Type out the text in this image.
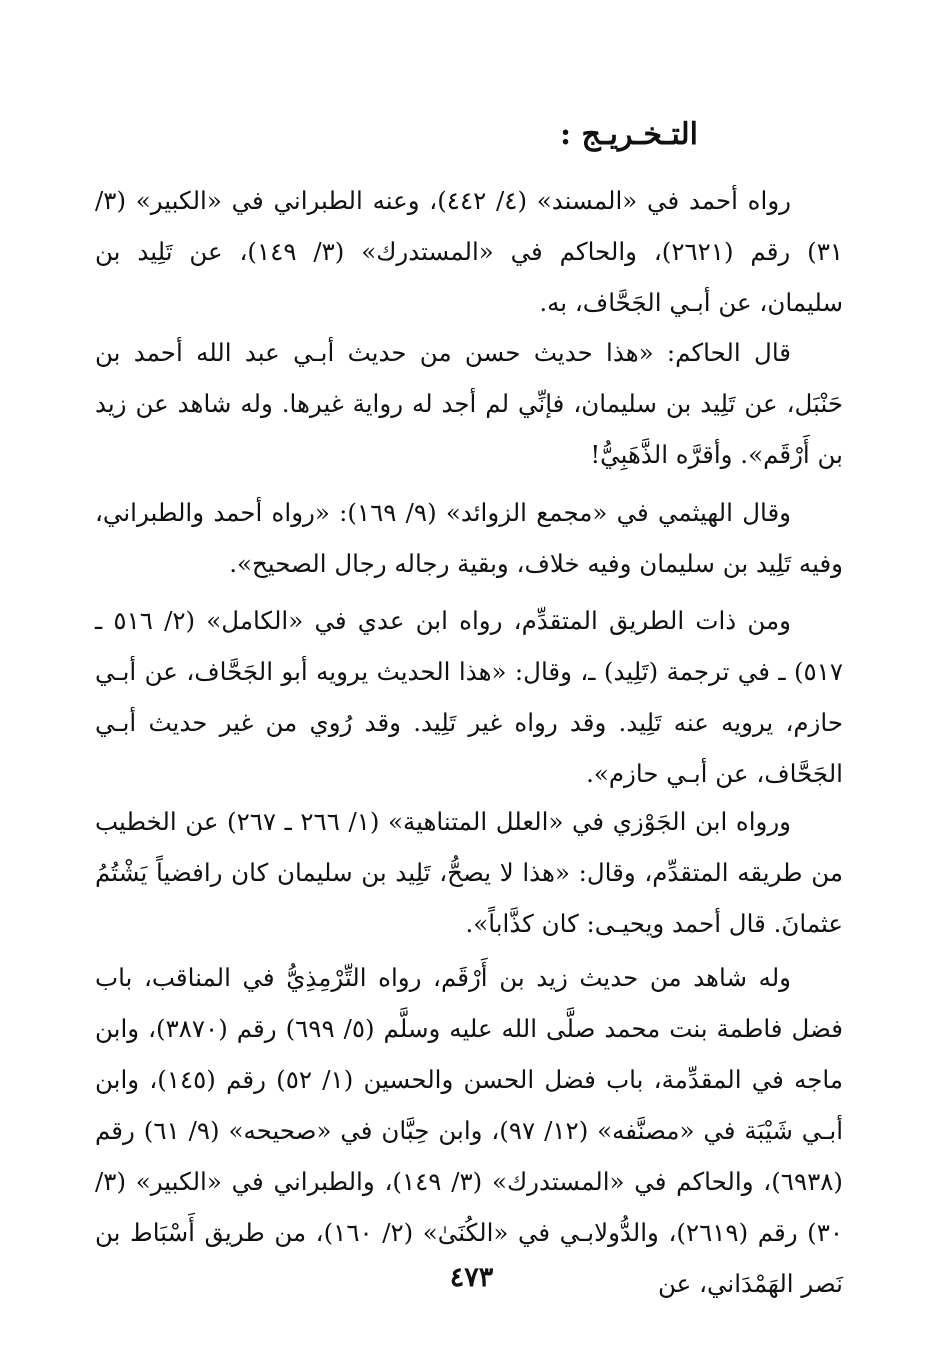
التـخـريـج :

رواه أحمد في «المسند» (٤/ ٤٤٢)، وعنه الطبراني في «الكبير» (٣/ ٣١) رقم (٢٦٢١)، والحاكم في «المستدرك» (٣/ ١٤٩)، عن تَلِيد بن سليمان، عن أبـي الجَحَّاف، به.

قال الحاكم: «هذا حديث حسن من حديث أبـي عبد الله أحمد بن حَنْبَل، عن تَلِيد بن سليمان، فإنِّي لم أجد له رواية غيرها. وله شاهد عن زيد بن أَرْقَم». وأقرَّه الذَّهَبِيُّ!

وقال الهيثمي في «مجمع الزوائد» (٩/ ١٦٩): «رواه أحمد والطبراني، وفيه تَلِيد بن سليمان وفيه خلاف، وبقية رجاله رجال الصحيح».

ومن ذات الطريق المتقدِّم، رواه ابن عدي في «الكامل» (٢/ ٥١٦ ـ ٥١٧) ـ في ترجمة (تَلِيد) ـ، وقال: «هذا الحديث يرويه أبو الجَحَّاف، عن أبـي حازم، يرويه عنه تَلِيد. وقد رواه غير تَلِيد. وقد رُوي من غير حديث أبـي الجَحَّاف، عن أبـي حازم».

ورواه ابن الجَوْزي في «العلل المتناهية» (١/ ٢٦٦ ـ ٢٦٧) عن الخطيب من طريقه المتقدِّم، وقال: «هذا لا يصحُّ، تَلِيد بن سليمان كان رافضياً يَشْتُمُ عثمانَ. قال أحمد ويحيـى: كان كذَّاباً».

وله شاهد من حديث زيد بن أَرْقَم، رواه التِّرْمِذِيُّ في المناقب، باب فضل فاطمة بنت محمد صلَّى الله عليه وسلَّم (٥/ ٦٩٩) رقم (٣٨٧٠)، وابن ماجه في المقدِّمة، باب فضل الحسن والحسين (١/ ٥٢) رقم (١٤٥)، وابن أبـي شَيْبَة في «مصنَّفه» (١٢/ ٩٧)، وابن حِبَّان في «صحيحه» (٩/ ٦١) رقم (٦٩٣٨)، والحاكم في «المستدرك» (٣/ ١٤٩)، والطبراني في «الكبير» (٣/ ٣٠) رقم (٢٦١٩)، والدُّولابـي في «الكُنَىٰ» (٢/ ١٦٠)، من طريق أَسْبَاط بن نَصر الهَمْدَاني، عن

٤٧٣
